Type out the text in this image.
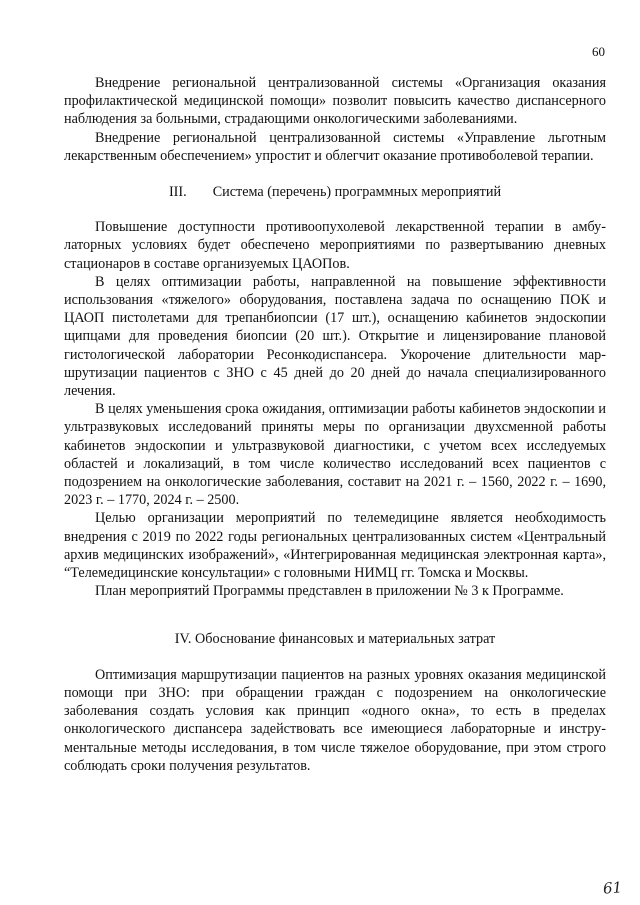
60

Внедрение региональной централизованной системы «Организация оказания профилактической медицинской помощи» позволит повысить качество диспансерного наблюдения за больными, страдающими онкологическими заболеваниями.

Внедрение региональной централизованной системы «Управление льготным лекарственным обеспечением» упростит и облегчит оказание противоболевой терапии.

III. Система (перечень) программных мероприятий

Повышение доступности противоопухолевой лекарственной терапии в амбулаторных условиях будет обеспечено мероприятиями по развертыванию дневных стационаров в составе организуемых ЦАОПов.

В целях оптимизации работы, направленной на повышение эффективности использования «тяжелого» оборудования, поставлена задача по оснащению ПОК и ЦАОП пистолетами для трепанбиопсии (17 шт.), оснащению кабинетов эндоскопии щипцами для проведения биопсии (20 шт.). Открытие и лицензирование плановой гистологической лаборатории Ресонкодиспансера. Укорочение длительности маршрутизации пациентов с ЗНО с 45 дней до 20 дней до начала специализированного лечения.

В целях уменьшения срока ожидания, оптимизации работы кабинетов эндоскопии и ультразвуковых исследований приняты меры по организации двухсменной работы кабинетов эндоскопии и ультразвуковой диагностики, с учетом всех исследуемых областей и локализаций, в том числе количество исследований всех пациентов с подозрением на онкологические заболевания, составит на 2021 г. – 1560, 2022 г. – 1690, 2023 г. – 1770, 2024 г. – 2500.

Целью организации мероприятий по телемедицине является необходимость внедрения с 2019 по 2022 годы региональных централизованных систем «Центральный архив медицинских изображений», «Интегрированная медицинская электронная карта», “Телемедицинские консультации» с головными НИМЦ гг. Томска и Москвы.

План мероприятий Программы представлен в приложении № 3 к Программе.

IV. Обоснование финансовых и материальных затрат

Оптимизация маршрутизации пациентов на разных уровнях оказания медицинской помощи при ЗНО: при обращении граждан с подозрением на онкологические заболевания создать условия как принцип «одного окна», то есть в пределах онкологического диспансера задействовать все имеющиеся лабораторные и инструментальные методы исследования, в том числе тяжелое оборудование, при этом строго соблюдать сроки получения результатов.

61
